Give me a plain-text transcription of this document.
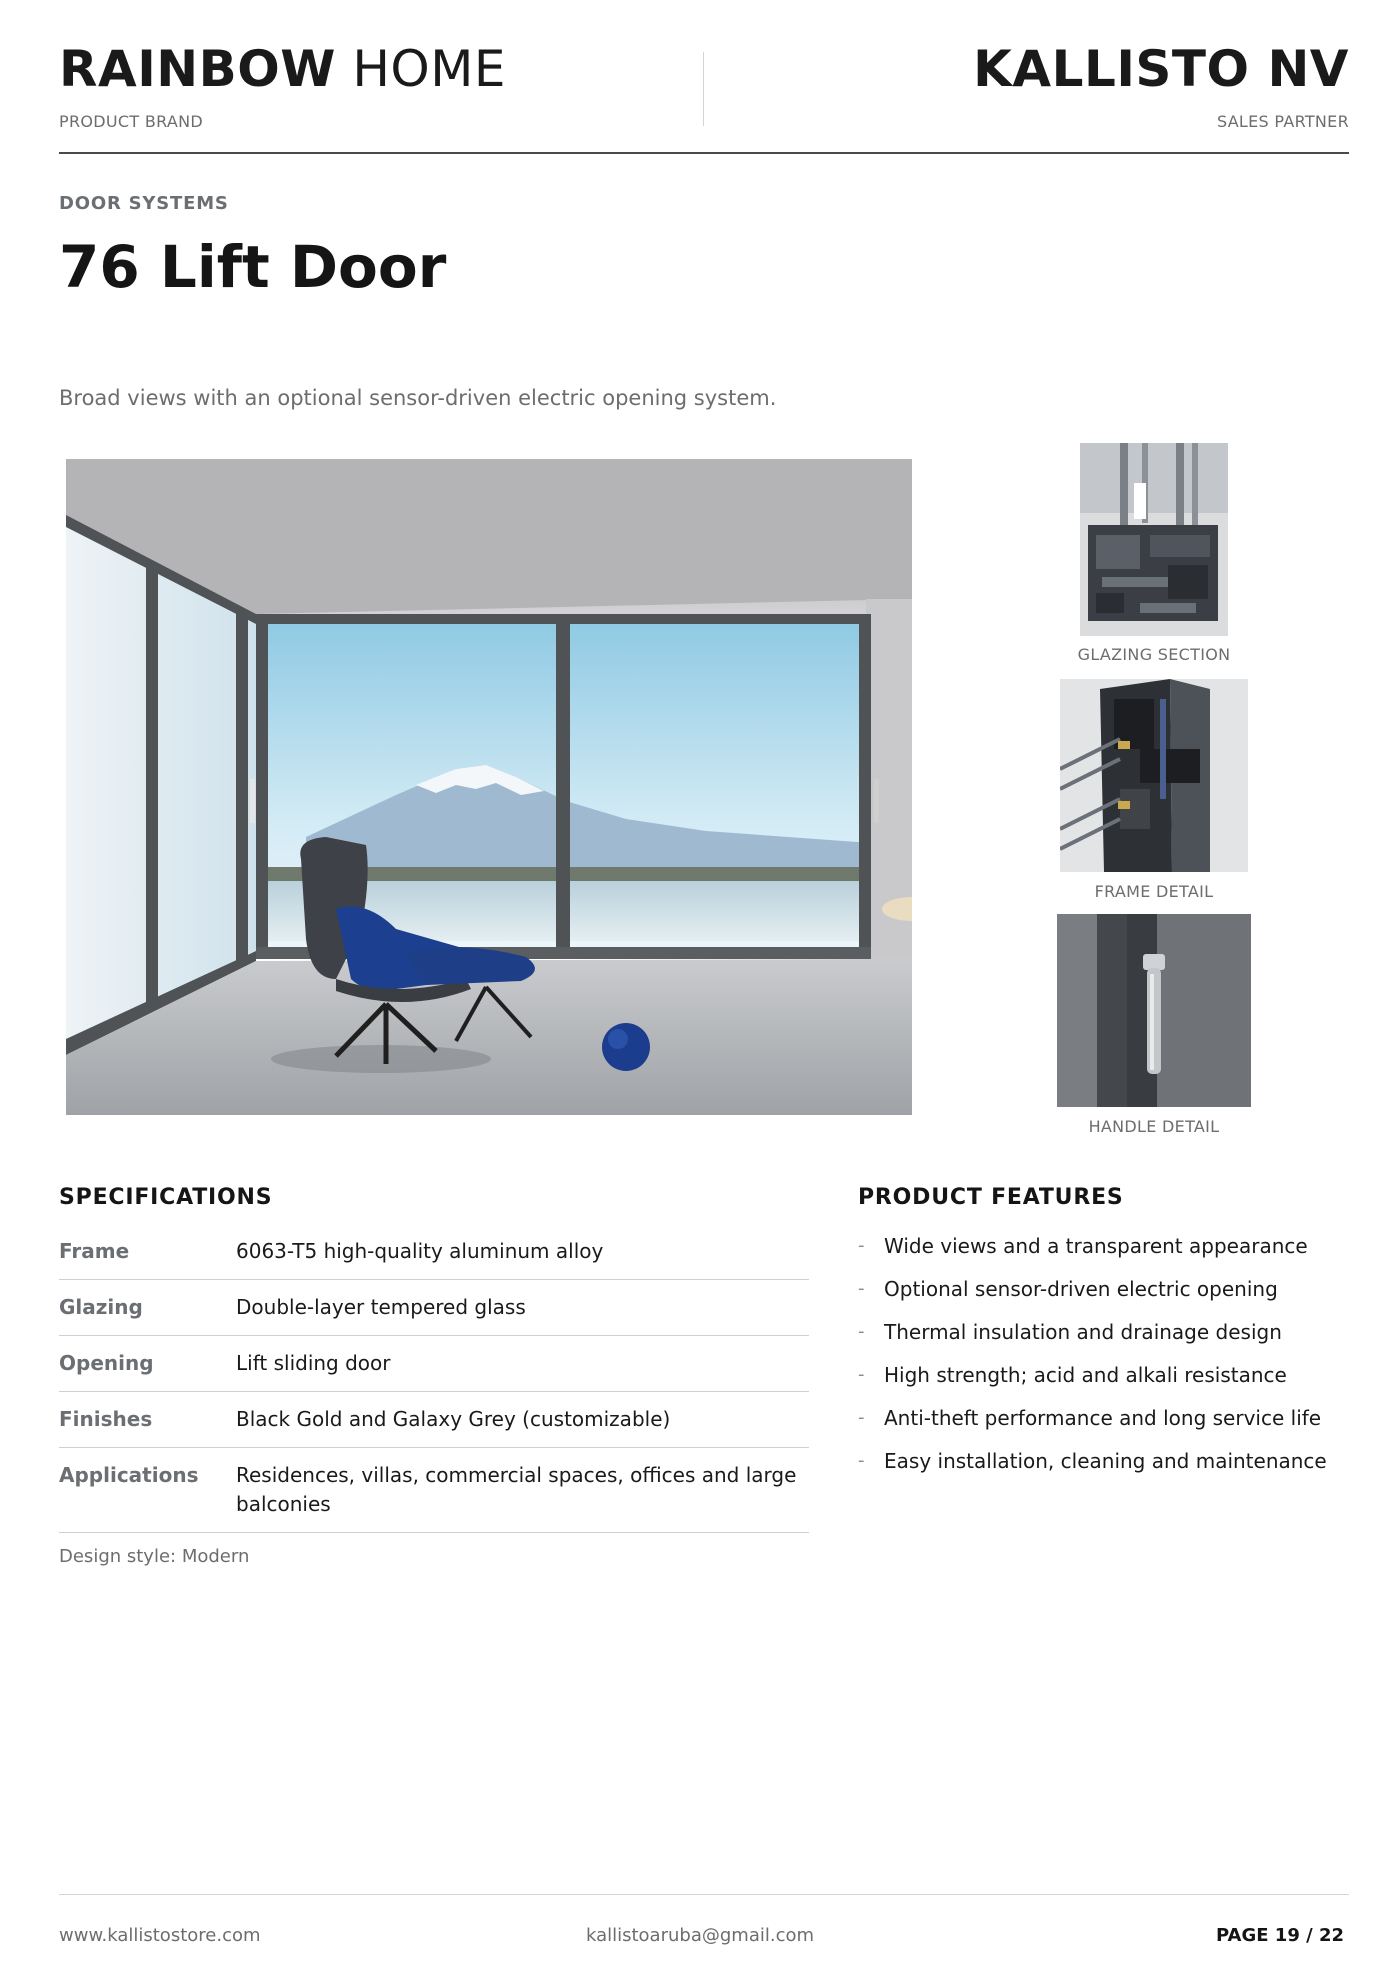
RAINBOW HOME
PRODUCT BRAND
KALLISTO NV
SALES PARTNER
DOOR SYSTEMS
76 Lift Door

Broad views with an optional sensor-driven electric opening system.

GLAZING SECTION
FRAME DETAIL
HANDLE DETAIL
SPECIFICATIONS
Frame	6063-T5 high-quality aluminum alloy
Glazing	Double-layer tempered glass
Opening	Lift sliding door
Finishes	Black Gold and Galaxy Grey (customizable)
Applications	Residences, villas, commercial spaces, offices and large balconies
Design style: Modern
PRODUCT FEATURES
- Wide views and a transparent appearance
- Optional sensor-driven electric opening
- Thermal insulation and drainage design
- High strength; acid and alkali resistance
- Anti-theft performance and long service life
- Easy installation, cleaning and maintenance
www.kallistostore.com	kallistoaruba@gmail.com	PAGE 19 / 22
